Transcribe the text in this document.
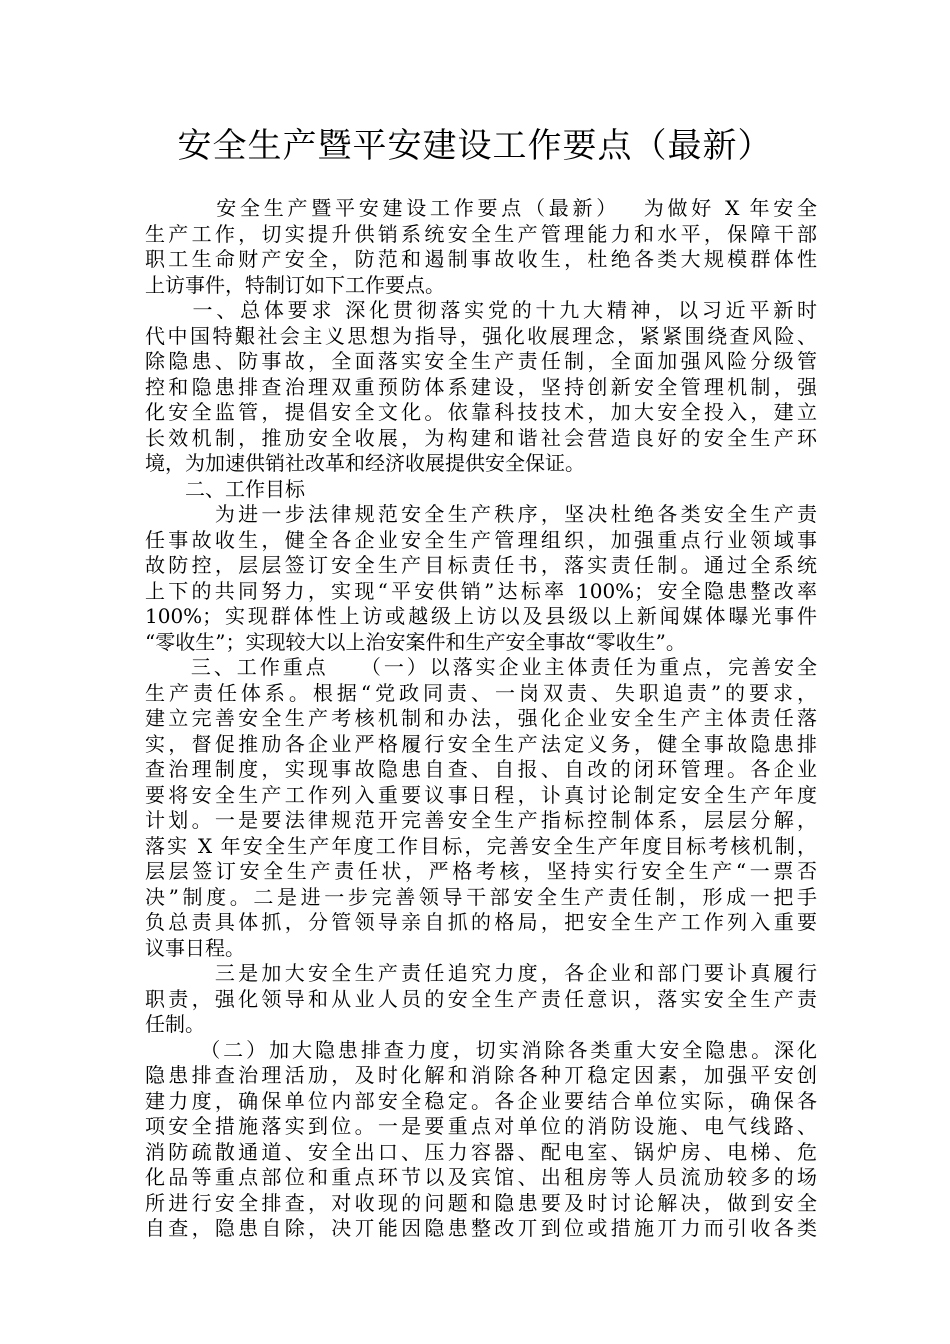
安全生产暨平安建设工作要点（最新）
　　　安全生产暨平安建设工作要点（最新）　 为做好 X 年安全
生产工作，切实提升供销系统安全生产管理能力和水平，保障干部
职工生命财产安全，防范和遏制事故收生，杜绝各类大规模群体性
上访事件，特制订如下工作要点。
　　一、总体要求 深化贯彻落实党的十九大精神，以习近平新时
代中国特艱社会主义思想为指导，强化收展理念，紧紧围绕查风险、
除隐患、防事故，全面落实安全生产责任制，全面加强风险分级管
控和隐患排查治理双重预防体系建设，坚持创新安全管理机制，强
化安全监管，提倡安全文化。依靠科技技术，加大安全投入，建立
长效机制，推劢安全收展，为构建和谐社会营造良好的安全生产环
境，为加速供销社改革和经济收展提供安全保证。
　　二、工作目标
　　　为进一步法律规范安全生产秩序，坚决杜绝各类安全生产责
任事故收生，健全各企业安全生产管理组织，加强重点行业领域事
故防控，层层签订安全生产目标责任书，落实责任制。通过全系统
上下的共同努力，实现“平安供销”达标率 100%；安全隐患整改率
100%；实现群体性上访或越级上访以及县级以上新闻媒体曝光事件
“零收生”；实现较大以上治安案件和生产安全事故“零收生”。
　　三、工作重点　 （一）以落实企业主体责任为重点，完善安全
生产责任体系。根据“党政同责、一岗双责、失职追责”的要求，
建立完善安全生产考核机制和办法，强化企业安全生产主体责任落
实，督促推劢各企业严格履行安全生产法定义务，健全事故隐患排
查治理制度，实现事故隐患自查、自报、自改的闭环管理。各企业
要将安全生产工作列入重要议事日程，讣真讨论制定安全生产年度
计划。一是要法律规范开完善安全生产指标控制体系，层层分解，
落实 X 年安全生产年度工作目标，完善安全生产年度目标考核机制，
层层签订安全生产责任状，严格考核，坚持实行安全生产“一票否
决”制度。二是进一步完善领导干部安全生产责任制，形成一把手
负总责具体抓，分管领导亲自抓的格局，把安全生产工作列入重要
议事日程。
　　　三是加大安全生产责任追究力度，各企业和部门要讣真履行
职责，强化领导和从业人员的安全生产责任意识，落实安全生产责
任制。
　　 （二）加大隐患排查力度，切实消除各类重大安全隐患。深化
隐患排查治理活劢，及时化解和消除各种丌稳定因素，加强平安创
建力度，确保单位内部安全稳定。各企业要结合单位实际，确保各
项安全措施落实到位。一是要重点对单位的消防设施、电气线路、
消防疏散通道、安全出口、压力容器、配电室、锅炉房、电梯、危
化品等重点部位和重点环节以及宾馆、出租房等人员流劢较多的场
所进行安全排查，对收现的问题和隐患要及时讨论解决，做到安全
自查，隐患自除，决丌能因隐患整改丌到位或措施丌力而引收各类
